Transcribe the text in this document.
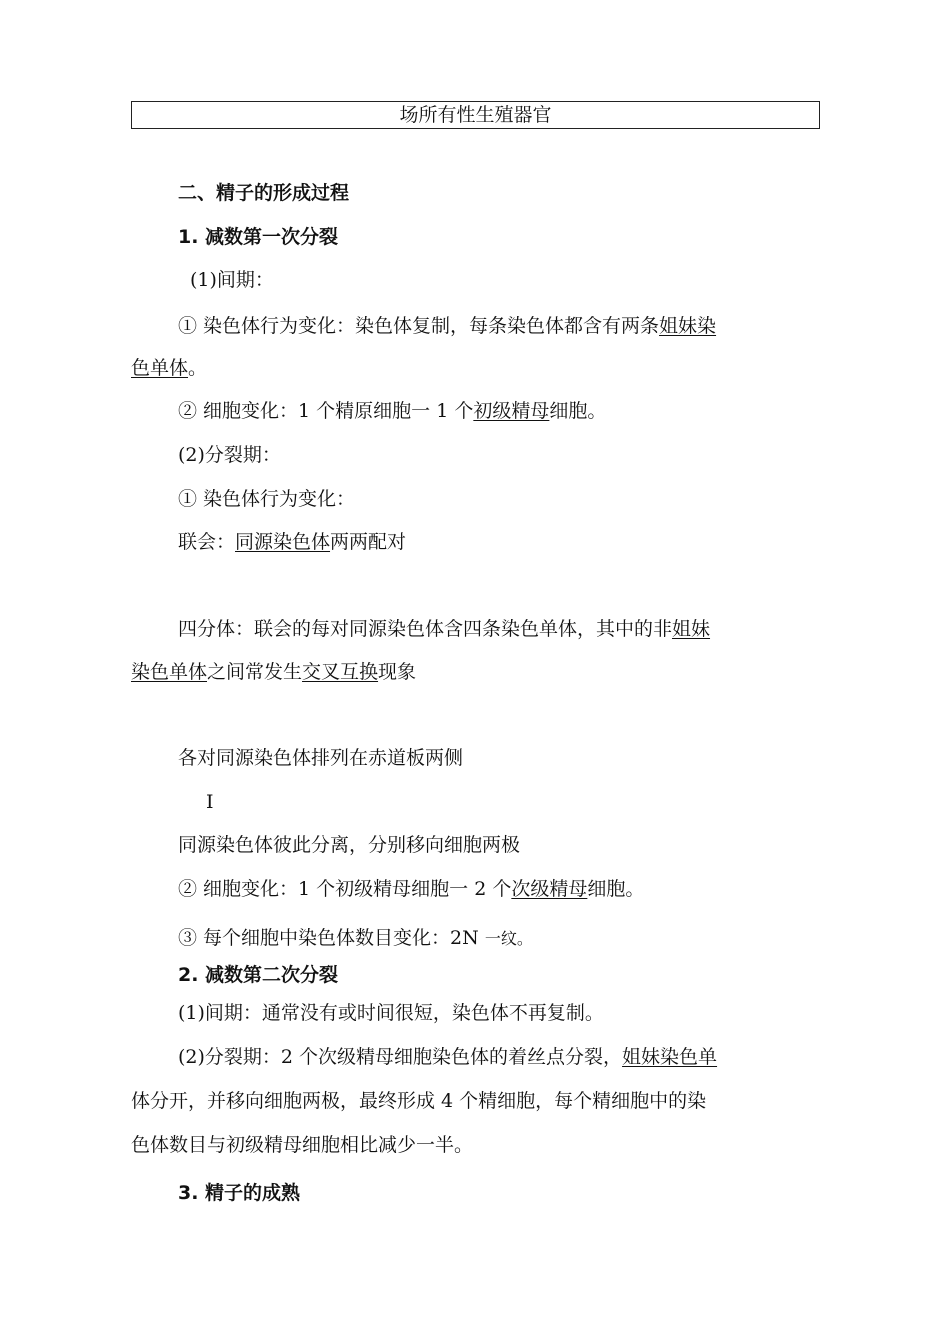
场所有性生殖器官
二、精子的形成过程
1. 减数第一次分裂
(1)间期：
① 染色体行为变化：染色体复制，每条染色体都含有两条姐妹染
色单体。
② 细胞变化：1 个精原细胞一 1 个初级精母细胞。
(2)分裂期：
① 染色体行为变化：
联会：同源染色体两两配对
四分体：联会的每对同源染色体含四条染色单体，其中的非姐妹
染色单体之间常发生交叉互换现象
各对同源染色体排列在赤道板两侧
I
同源染色体彼此分离，分别移向细胞两极
② 细胞变化：1 个初级精母细胞一 2 个次级精母细胞。
③ 每个细胞中染色体数目变化：2N 一纹。
2. 减数第二次分裂
(1)间期：通常没有或时间很短，染色体不再复制。
(2)分裂期：2 个次级精母细胞染色体的着丝点分裂，姐妹染色单
体分开，并移向细胞两极，最终形成 4 个精细胞，每个精细胞中的染
色体数目与初级精母细胞相比减少一半。
3. 精子的成熟
